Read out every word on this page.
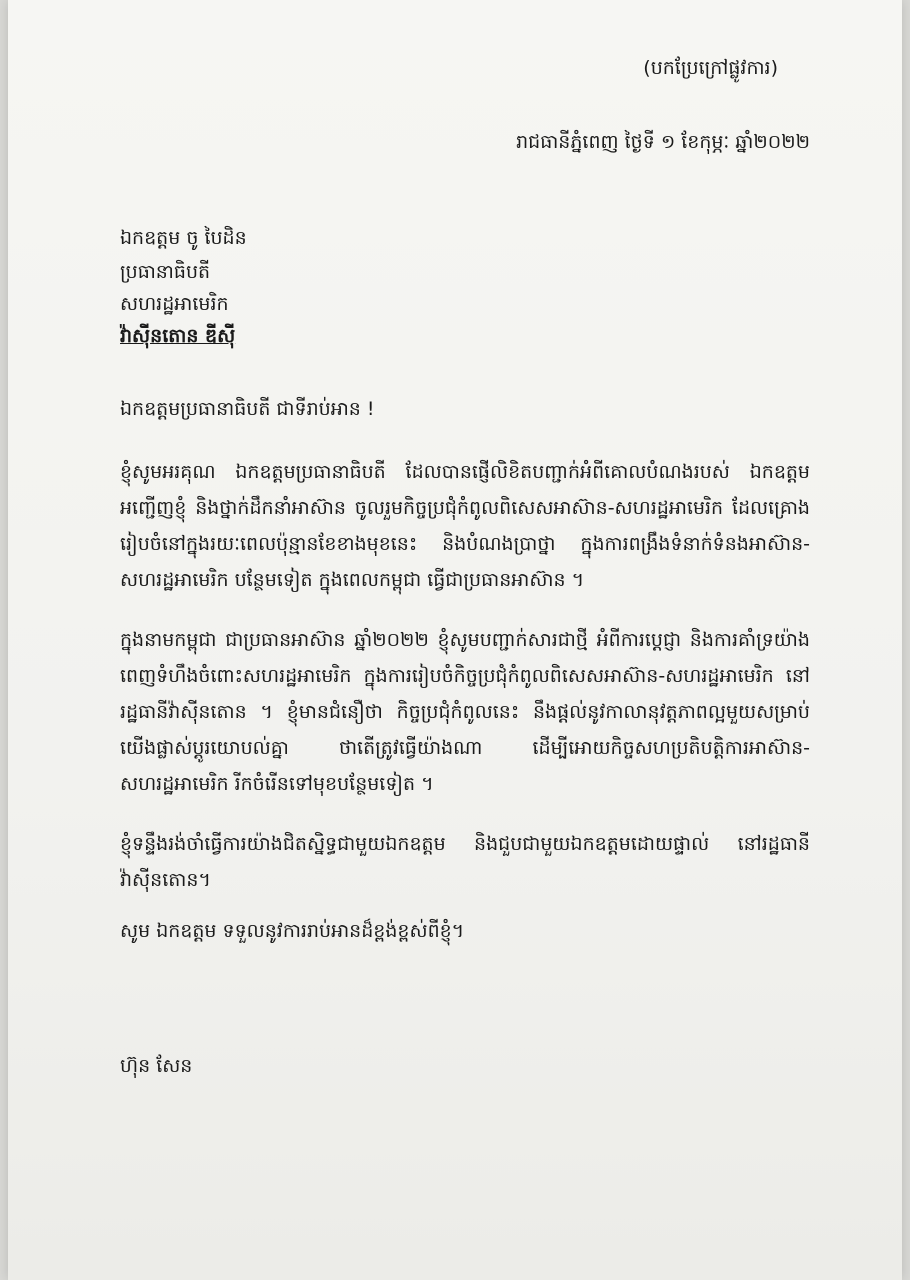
(បកប្រែក្រៅផ្លូវការ)
រាជធានីភ្នំពេញ ថ្ងៃទី ១ ខែកុម្ភៈ ឆ្នាំ២០២២
ឯកឧត្តម ចូ បៃដិន
ប្រធានាធិបតី
សហរដ្ឋអាមេរិក
វ៉ាស៊ីនតោន ឌីស៊ី
ឯកឧត្តមប្រធានាធិបតី ជាទីរាប់អាន !
ខ្ញុំសូមអរគុណ ឯកឧត្តមប្រធានាធិបតី ដែលបានផ្ញើលិខិតបញ្ជាក់អំពីគោលបំណងរបស់ ឯកឧត្តម អញ្ជើញខ្ញុំ និងថ្នាក់ដឹកនាំអាស៊ាន ចូលរួមកិច្ចប្រជុំកំពូលពិសេសអាស៊ាន-សហរដ្ឋអាមេរិក ដែលគ្រោងរៀបចំនៅក្នុងរយៈពេលប៉ុន្មានខែខាងមុខនេះ និងបំណងប្រាថ្នា ក្នុងការពង្រឹងទំនាក់ទំនងអាស៊ាន-សហរដ្ឋអាមេរិក បន្ថែមទៀត ក្នុងពេលកម្ពុជា ធ្វើជាប្រធានអាស៊ាន ។
ក្នុងនាមកម្ពុជា ជាប្រធានអាស៊ាន ឆ្នាំ២០២២ ខ្ញុំសូមបញ្ជាក់សារជាថ្មី អំពីការប្ដេជ្ញា និងការគាំទ្រយ៉ាងពេញទំហឹងចំពោះសហរដ្ឋអាមេរិក ក្នុងការរៀបចំកិច្ចប្រជុំកំពូលពិសេសអាស៊ាន-សហរដ្ឋអាមេរិក នៅរដ្ឋធានីវ៉ាស៊ីនតោន ។ ខ្ញុំមានជំនឿថា កិច្ចប្រជុំកំពូលនេះ នឹងផ្ដល់នូវកាលានុវត្តភាពល្អមួយសម្រាប់យើងផ្លាស់ប្ដូរយោបល់គ្នា ថាតើត្រូវធ្វើយ៉ាងណា ដើម្បីអោយកិច្ចសហប្រតិបត្តិការអាស៊ាន-សហរដ្ឋអាមេរិក រីកចំរើនទៅមុខបន្ថែមទៀត ។
ខ្ញុំទន្ទឹងរង់ចាំធ្វើការយ៉ាងជិតស្និទ្ធជាមួយឯកឧត្តម និងជួបជាមួយឯកឧត្តមដោយផ្ទាល់ នៅរដ្ឋធានីវ៉ាស៊ីនតោន។
សូម ឯកឧត្តម ទទួលនូវការរាប់អានដ៏ខ្ពង់ខ្ពស់ពីខ្ញុំ។
ហ៊ុន សែន
